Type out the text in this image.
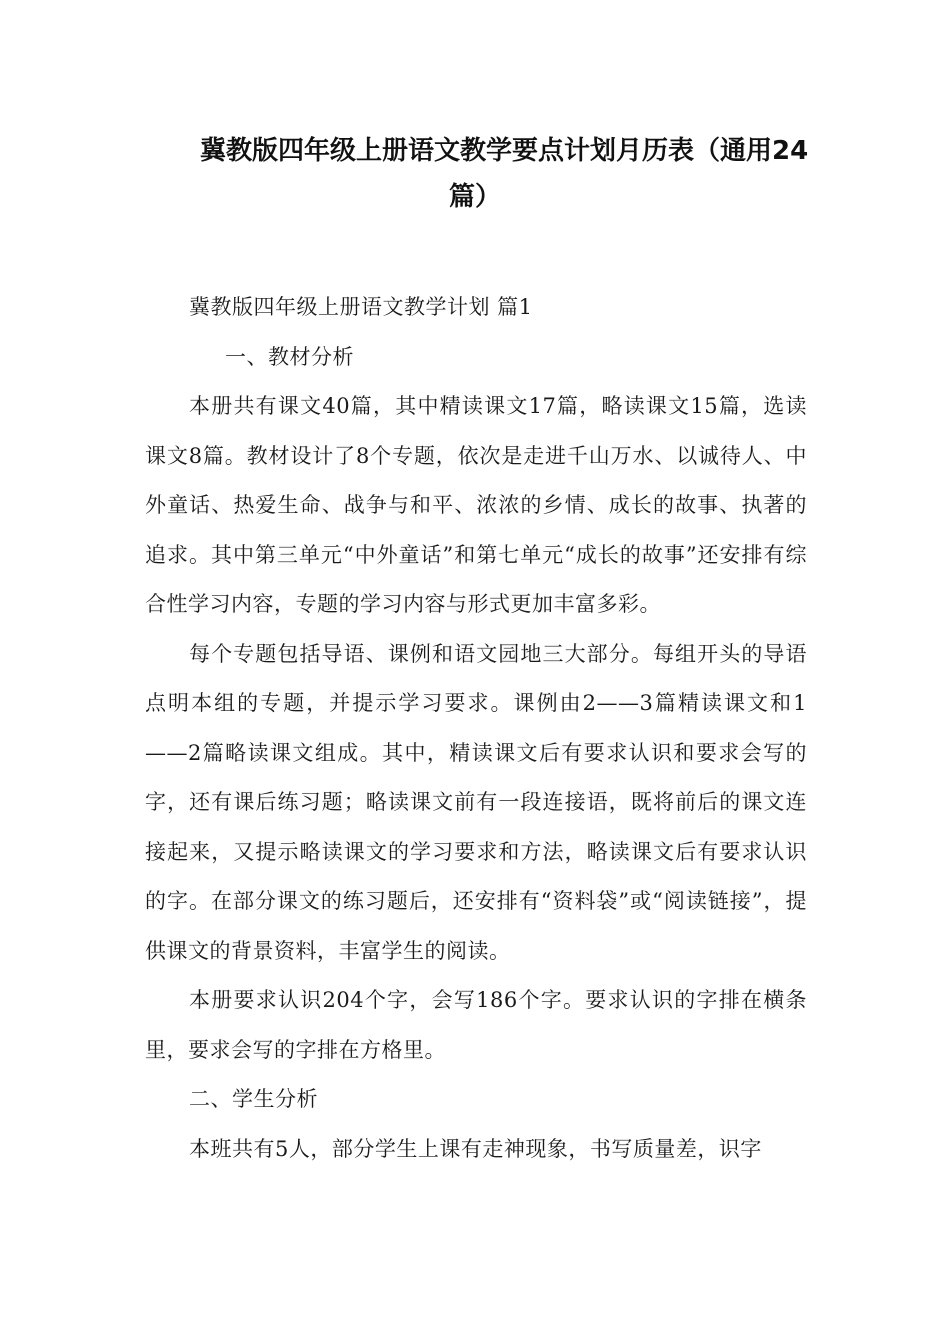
冀教版四年级上册语文教学要点计划月历表（通用24
篇）

冀教版四年级上册语文教学计划 篇1

一、教材分析

本册共有课文40篇，其中精读课文17篇，略读课文15篇，选读课文8篇。教材设计了8个专题，依次是走进千山万水、以诚待人、中外童话、热爱生命、战争与和平、浓浓的乡情、成长的故事、执著的追求。其中第三单元“中外童话”和第七单元“成长的故事”还安排有综合性学习内容，专题的学习内容与形式更加丰富多彩。

每个专题包括导语、课例和语文园地三大部分。每组开头的导语点明本组的专题，并提示学习要求。课例由2——3篇精读课文和1——2篇略读课文组成。其中，精读课文后有要求认识和要求会写的字，还有课后练习题；略读课文前有一段连接语，既将前后的课文连接起来，又提示略读课文的学习要求和方法，略读课文后有要求认识的字。在部分课文的练习题后，还安排有“资料袋”或“阅读链接”，提供课文的背景资料，丰富学生的阅读。

本册要求认识204个字，会写186个字。要求认识的字排在横条里，要求会写的字排在方格里。

二、学生分析

本班共有5人，部分学生上课有走神现象，书写质量差，识字
